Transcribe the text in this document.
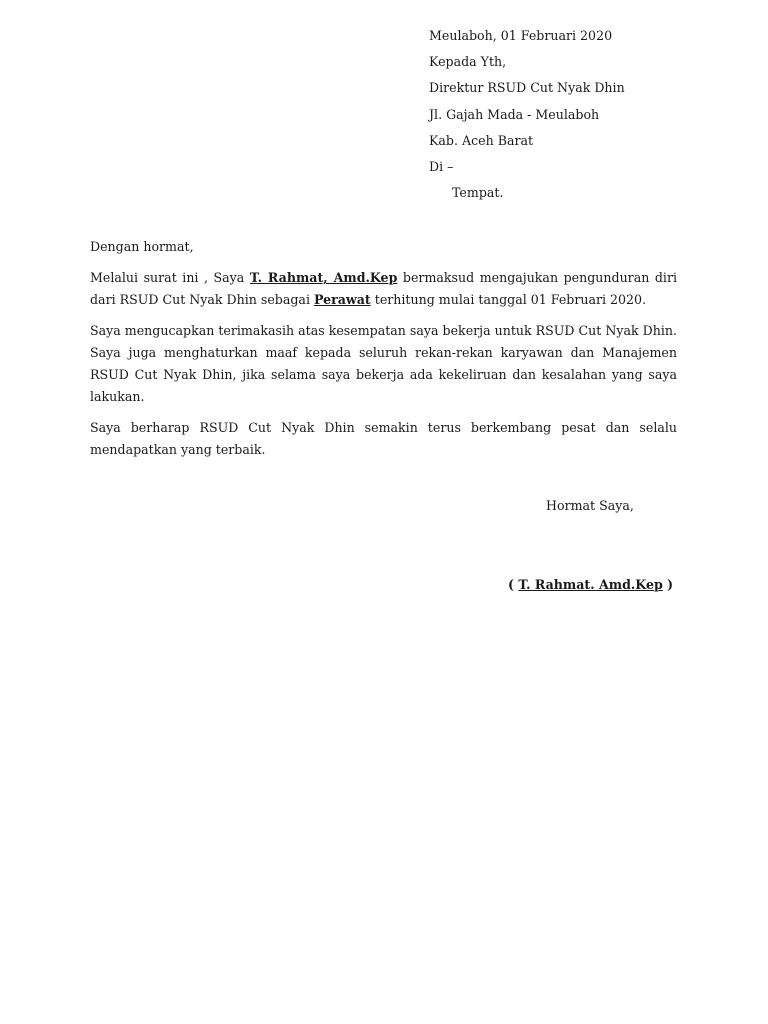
Meulaboh, 01 Februari 2020
Kepada Yth,
Direktur RSUD Cut Nyak Dhin
Jl. Gajah Mada - Meulaboh
Kab. Aceh Barat
Di –
Tempat.

Dengan hormat,

Melalui surat ini , Saya T. Rahmat, Amd.Kep bermaksud mengajukan pengunduran diri dari RSUD Cut Nyak Dhin sebagai Perawat terhitung mulai tanggal 01 Februari 2020.

Saya mengucapkan terimakasih atas kesempatan saya bekerja untuk RSUD Cut Nyak Dhin. Saya juga menghaturkan maaf kepada seluruh rekan-rekan karyawan dan Manajemen RSUD Cut Nyak Dhin, jika selama saya bekerja ada kekeliruan dan kesalahan yang saya lakukan.

Saya berharap RSUD Cut Nyak Dhin semakin terus berkembang pesat dan selalu mendapatkan yang terbaik.

Hormat Saya,
( T. Rahmat. Amd.Kep )
